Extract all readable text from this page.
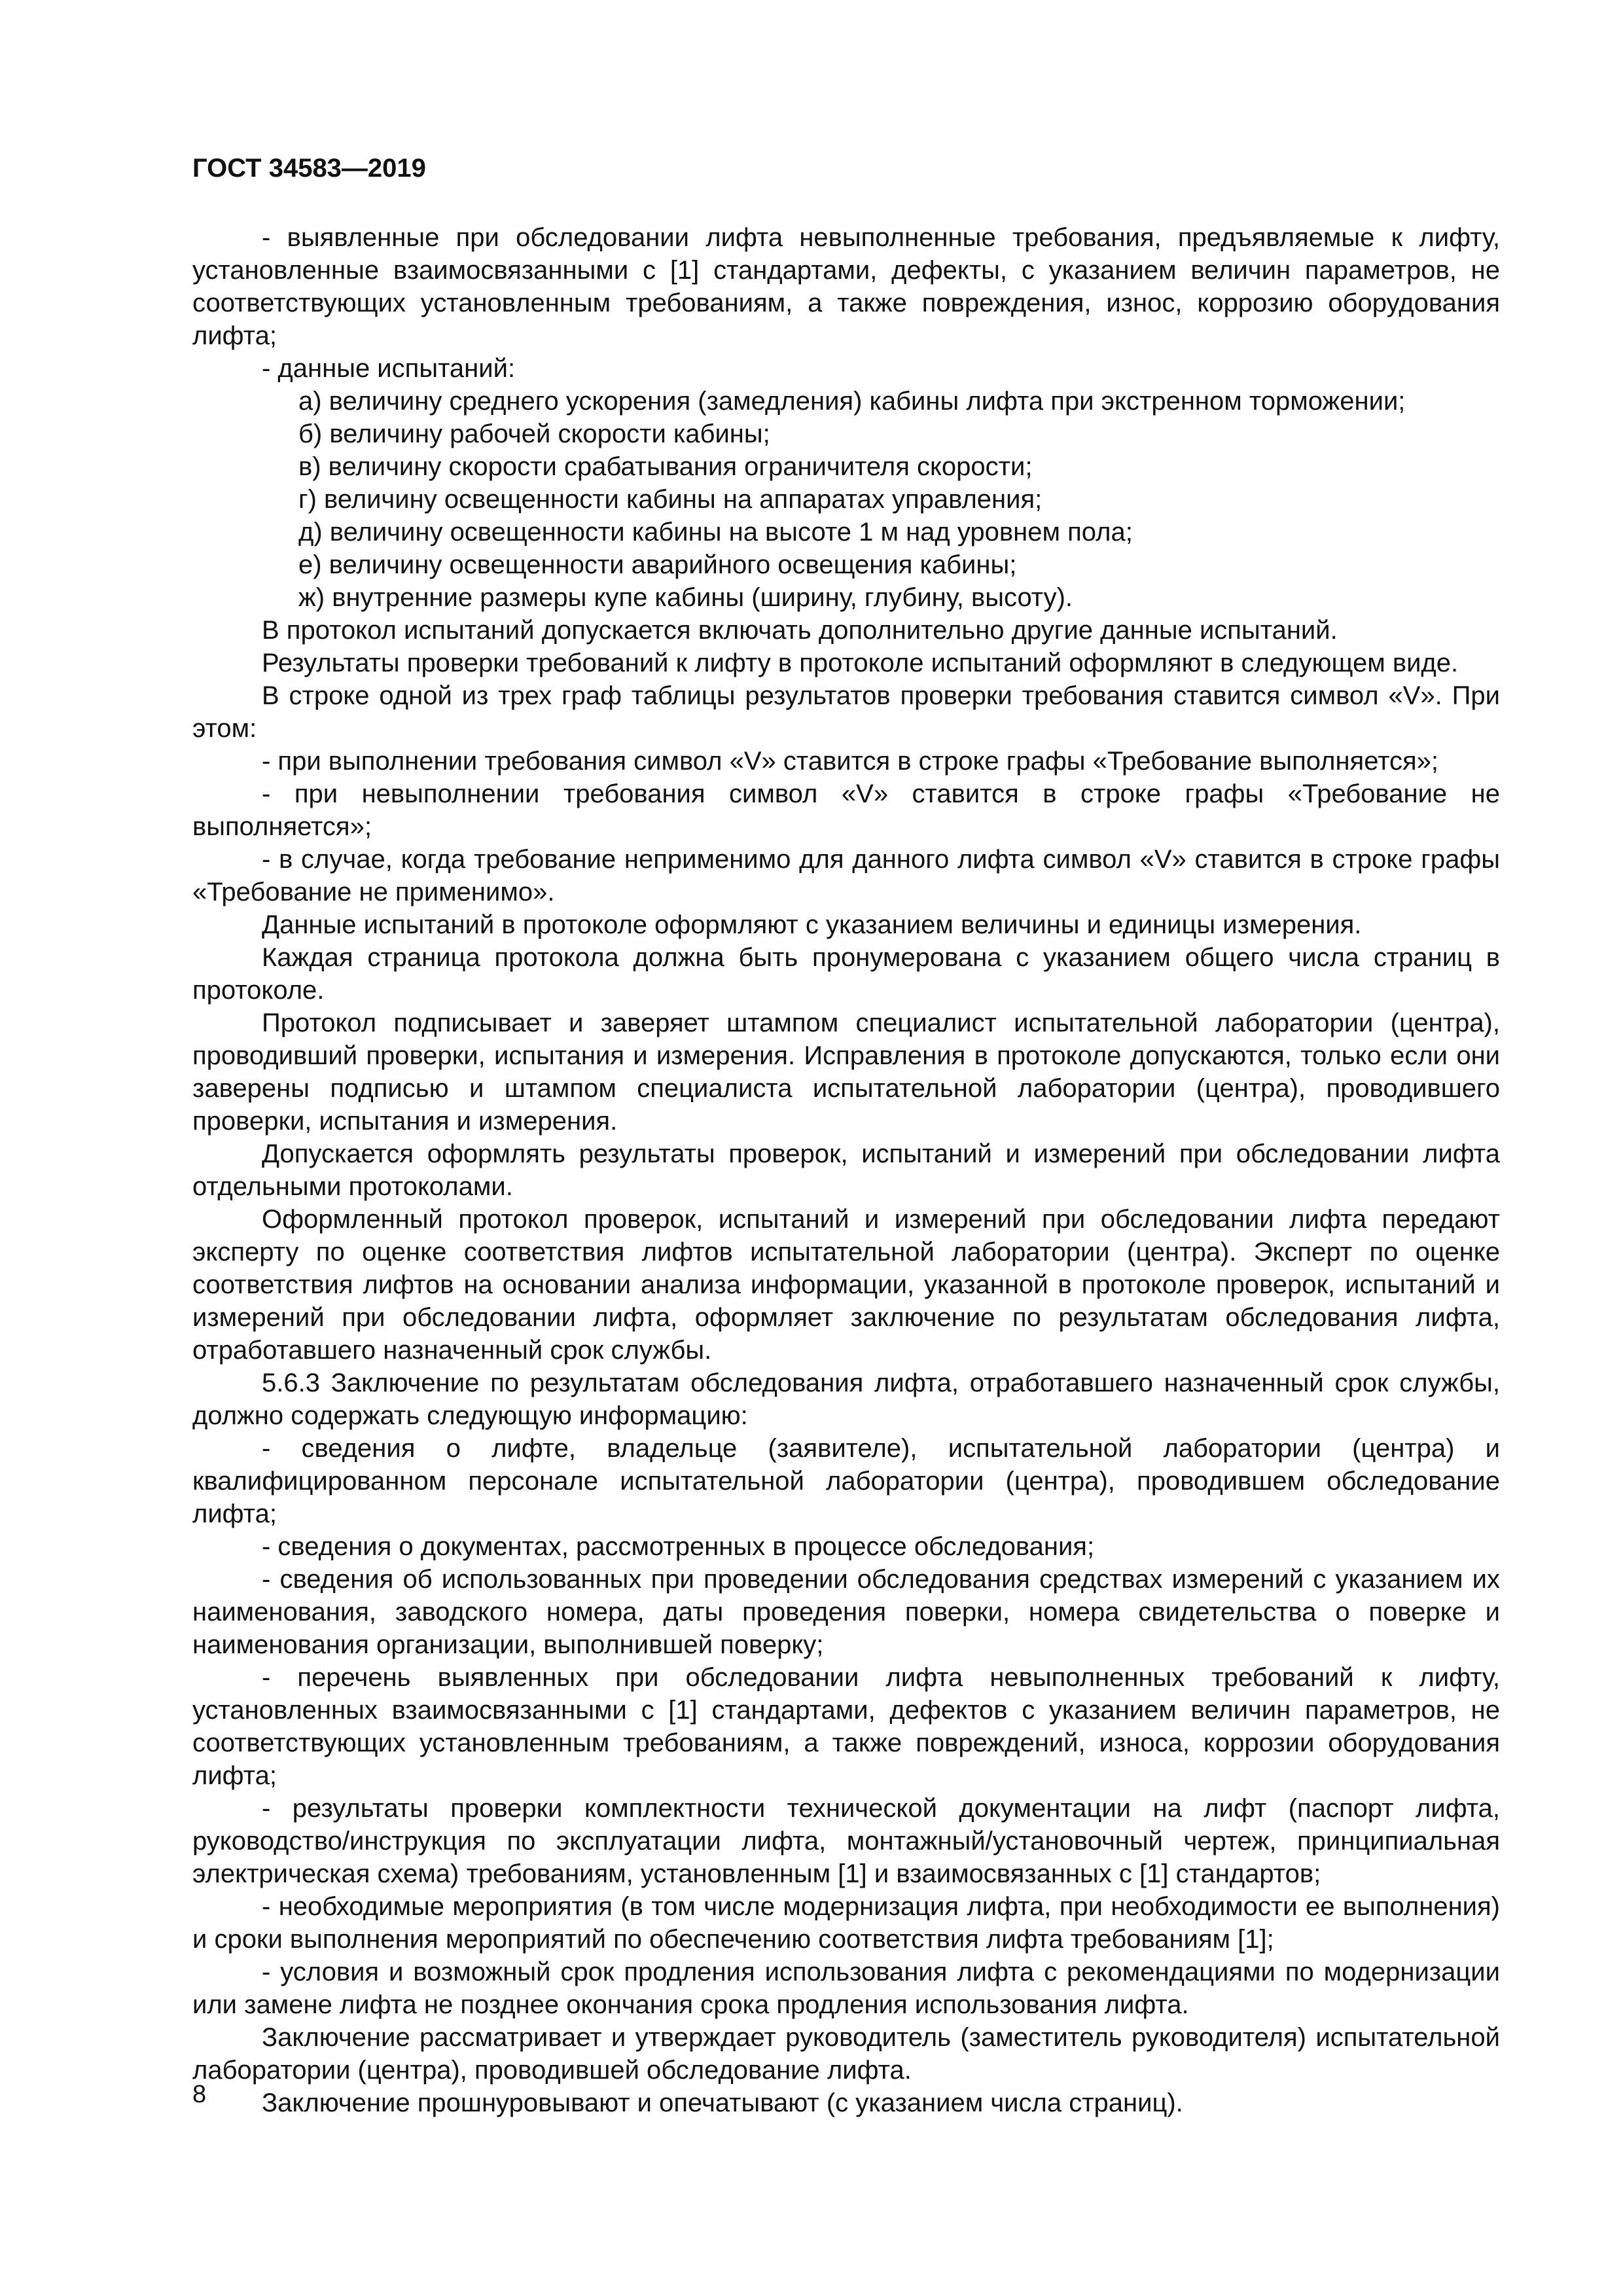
ГОСТ 34583—2019

- выявленные при обследовании лифта невыполненные требования, предъявляемые к лифту, установленные взаимосвязанными с [1] стандартами, дефекты, с указанием величин параметров, не соответствующих установленным требованиям, а также повреждения, износ, коррозию оборудования лифта;

- данные испытаний:

а) величину среднего ускорения (замедления) кабины лифта при экстренном торможении;

б) величину рабочей скорости кабины;

в) величину скорости срабатывания ограничителя скорости;

г) величину освещенности кабины на аппаратах управления;

д) величину освещенности кабины на высоте 1 м над уровнем пола;

е) величину освещенности аварийного освещения кабины;

ж) внутренние размеры купе кабины (ширину, глубину, высоту).

В протокол испытаний допускается включать дополнительно другие данные испытаний.

Результаты проверки требований к лифту в протоколе испытаний оформляют в следующем виде.

В строке одной из трех граф таблицы результатов проверки требования ставится символ «V». При этом:

- при выполнении требования символ «V» ставится в строке графы «Требование выполняется»;

- при невыполнении требования символ «V» ставится в строке графы «Требование не выполняется»;

- в случае, когда требование неприменимо для данного лифта символ «V» ставится в строке графы «Требование не применимо».

Данные испытаний в протоколе оформляют с указанием величины и единицы измерения.

Каждая страница протокола должна быть пронумерована с указанием общего числа страниц в протоколе.

Протокол подписывает и заверяет штампом специалист испытательной лаборатории (центра), проводивший проверки, испытания и измерения. Исправления в протоколе допускаются, только если они заверены подписью и штампом специалиста испытательной лаборатории (центра), проводившего проверки, испытания и измерения.

Допускается оформлять результаты проверок, испытаний и измерений при обследовании лифта отдельными протоколами.

Оформленный протокол проверок, испытаний и измерений при обследовании лифта передают эксперту по оценке соответствия лифтов испытательной лаборатории (центра). Эксперт по оценке соответствия лифтов на основании анализа информации, указанной в протоколе проверок, испытаний и измерений при обследовании лифта, оформляет заключение по результатам обследования лифта, отработавшего назначенный срок службы.

5.6.3 Заключение по результатам обследования лифта, отработавшего назначенный срок службы, должно содержать следующую информацию:

- сведения о лифте, владельце (заявителе), испытательной лаборатории (центра) и квалифицированном персонале испытательной лаборатории (центра), проводившем обследование лифта;

- сведения о документах, рассмотренных в процессе обследования;

- сведения об использованных при проведении обследования средствах измерений с указанием их наименования, заводского номера, даты проведения поверки, номера свидетельства о поверке и наименования организации, выполнившей поверку;

- перечень выявленных при обследовании лифта невыполненных требований к лифту, установленных взаимосвязанными с [1] стандартами, дефектов с указанием величин параметров, не соответствующих установленным требованиям, а также повреждений, износа, коррозии оборудования лифта;

- результаты проверки комплектности технической документации на лифт (паспорт лифта, руководство/инструкция по эксплуатации лифта, монтажный/установочный чертеж, принципиальная электрическая схема) требованиям, установленным [1] и взаимосвязанных с [1] стандартов;

- необходимые мероприятия (в том числе модернизация лифта, при необходимости ее выполнения) и сроки выполнения мероприятий по обеспечению соответствия лифта требованиям [1];

- условия и возможный срок продления использования лифта с рекомендациями по модернизации или замене лифта не позднее окончания срока продления использования лифта.

Заключение рассматривает и утверждает руководитель (заместитель руководителя) испытательной лаборатории (центра), проводившей обследование лифта.

Заключение прошнуровывают и опечатывают (с указанием числа страниц).

8
